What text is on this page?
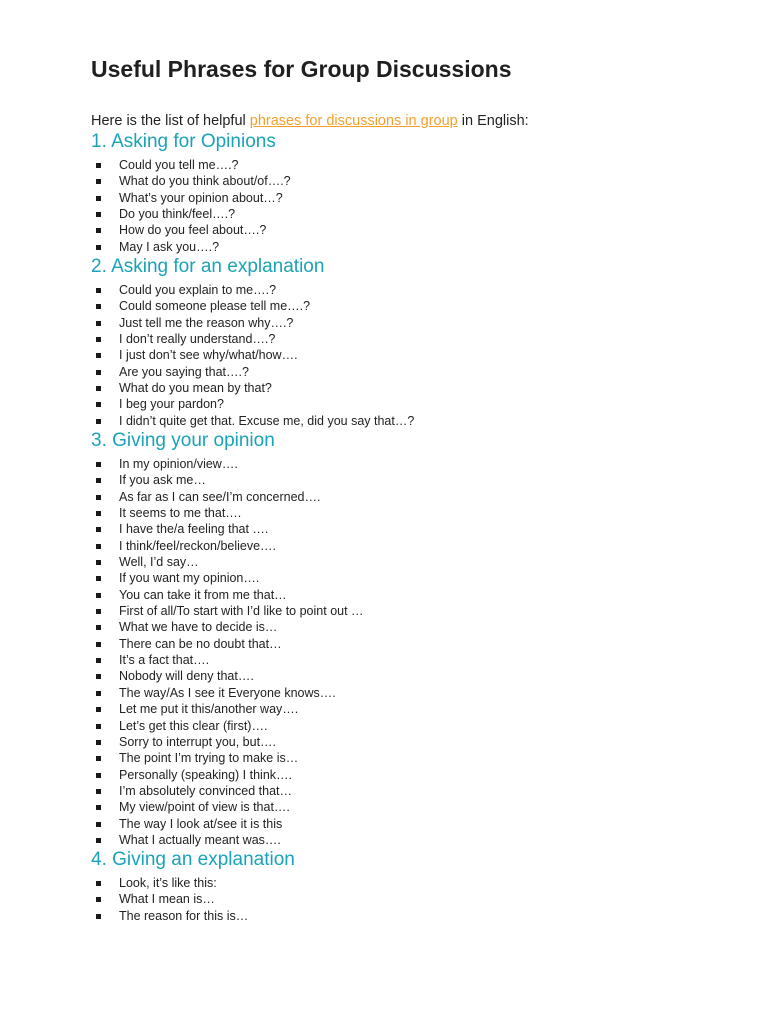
Useful Phrases for Group Discussions

Here is the list of helpful phrases for discussions in group in English:

1. Asking for Opinions
Could you tell me….?
What do you think about/of….?
What’s your opinion about…?
Do you think/feel….?
How do you feel about….?
May I ask you….?
2. Asking for an explanation
Could you explain to me….?
Could someone please tell me….?
Just tell me the reason why….?
I don’t really understand….?
I just don’t see why/what/how….
Are you saying that….?
What do you mean by that?
I beg your pardon?
I didn’t quite get that. Excuse me, did you say that…?
3. Giving your opinion
In my opinion/view….
If you ask me…
As far as I can see/I’m concerned….
It seems to me that….
I have the/a feeling that ….
I think/feel/reckon/believe….
Well, I’d say…
If you want my opinion….
You can take it from me that…
First of all/To start with I’d like to point out …
What we have to decide is…
There can be no doubt that…
It’s a fact that….
Nobody will deny that….
The way/As I see it Everyone knows….
Let me put it this/another way….
Let’s get this clear (first)….
Sorry to interrupt you, but….
The point I’m trying to make is…
Personally (speaking) I think….
I’m absolutely convinced that…
My view/point of view is that….
The way I look at/see it is this
What I actually meant was….
4. Giving an explanation
Look, it’s like this:
What I mean is…
The reason for this is…
